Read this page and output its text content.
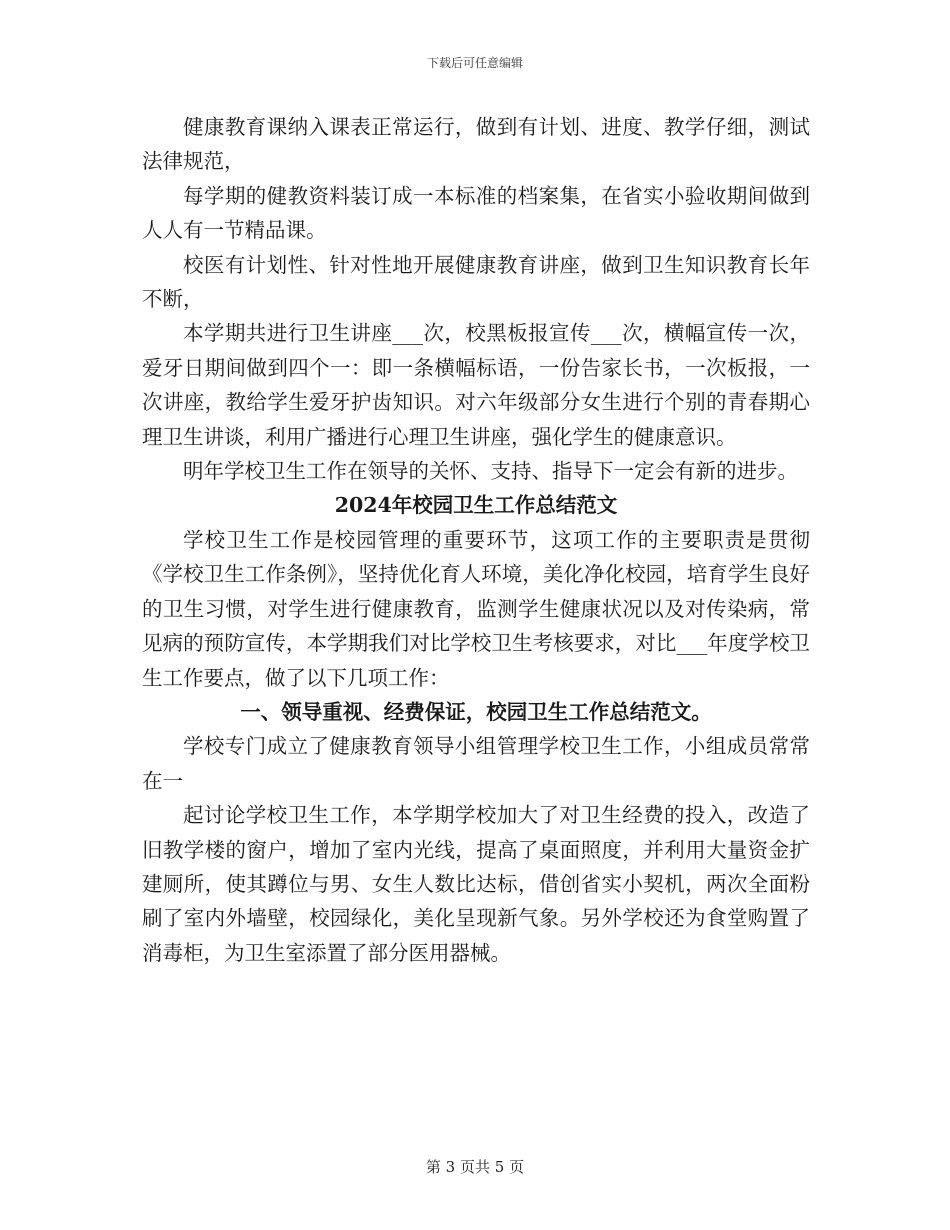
下载后可任意编辑

健康教育课纳入课表正常运行，做到有计划、进度、教学仔细，测试法律规范，

每学期的健教资料装订成一本标准的档案集，在省实小验收期间做到人人有一节精品课。

校医有计划性、针对性地开展健康教育讲座，做到卫生知识教育长年不断，

本学期共进行卫生讲座___次，校黑板报宣传___次，横幅宣传一次，爱牙日期间做到四个一：即一条横幅标语，一份告家长书，一次板报，一次讲座，教给学生爱牙护齿知识。对六年级部分女生进行个别的青春期心理卫生讲谈，利用广播进行心理卫生讲座，强化学生的健康意识。

明年学校卫生工作在领导的关怀、支持、指导下一定会有新的进步。

2024年校园卫生工作总结范文

学校卫生工作是校园管理的重要环节，这项工作的主要职责是贯彻《学校卫生工作条例》，坚持优化育人环境，美化净化校园，培育学生良好的卫生习惯，对学生进行健康教育，监测学生健康状况以及对传染病，常见病的预防宣传，本学期我们对比学校卫生考核要求，对比___年度学校卫生工作要点，做了以下几项工作：

一、领导重视、经费保证，校园卫生工作总结范文。

学校专门成立了健康教育领导小组管理学校卫生工作，小组成员常常在一

起讨论学校卫生工作，本学期学校加大了对卫生经费的投入，改造了旧教学楼的窗户，增加了室内光线，提高了桌面照度，并利用大量资金扩建厕所，使其蹲位与男、女生人数比达标，借创省实小契机，两次全面粉刷了室内外墙壁，校园绿化，美化呈现新气象。另外学校还为食堂购置了消毒柜，为卫生室添置了部分医用器械。

第 3 页共 5 页
